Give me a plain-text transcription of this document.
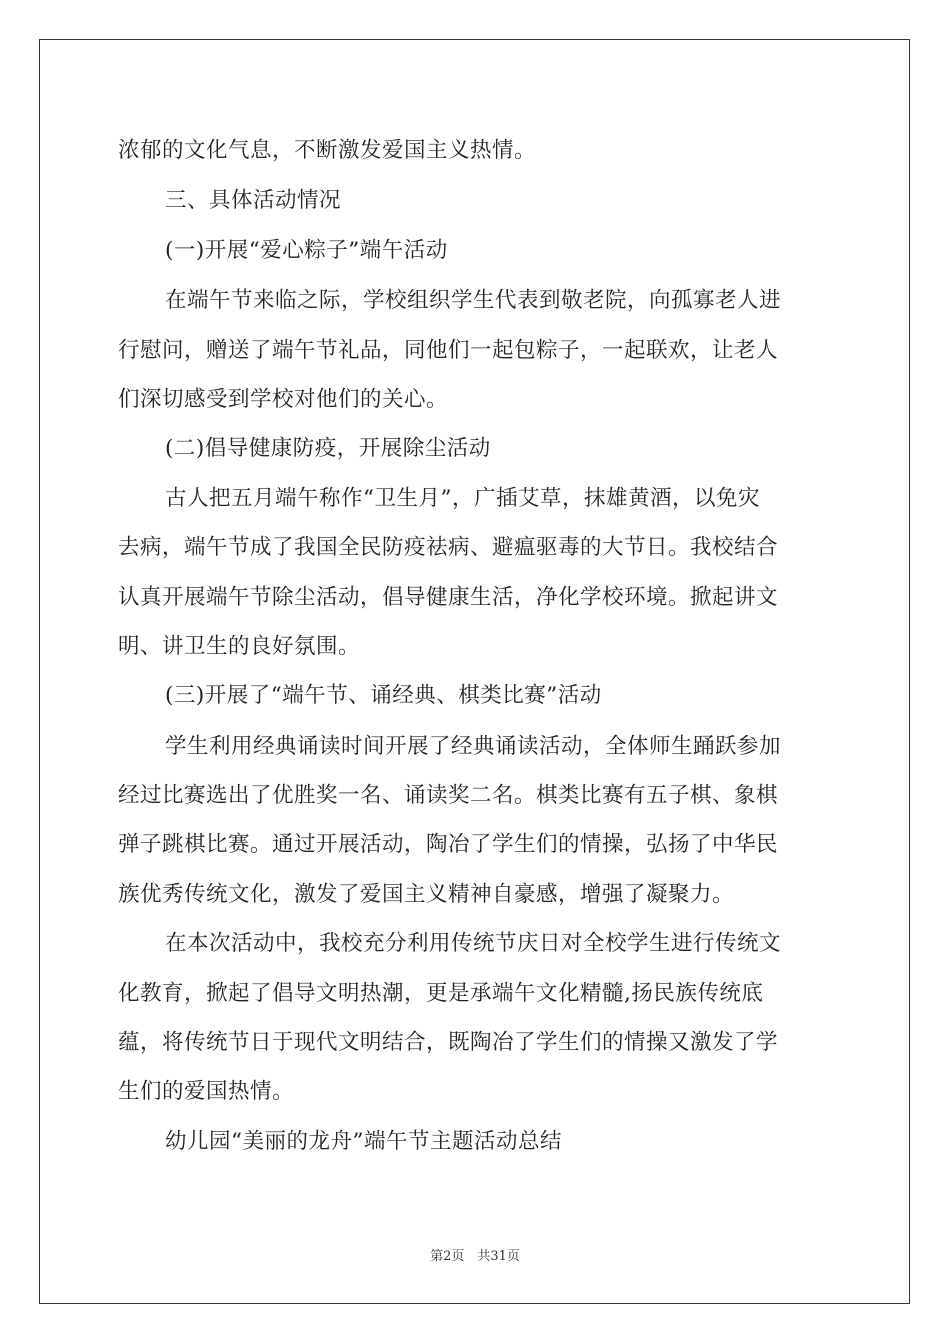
浓郁的文化气息，不断激发爱国主义热情。
三、具体活动情况
(一)开展“爱心粽子”端午活动
在端午节来临之际，学校组织学生代表到敬老院，向孤寡老人进
行慰问，赠送了端午节礼品，同他们一起包粽子，一起联欢，让老人
们深切感受到学校对他们的关心。
(二)倡导健康防疫，开展除尘活动
古人把五月端午称作“卫生月”，广插艾草，抹雄黄酒，以免灾
去病，端午节成了我国全民防疫祛病、避瘟驱毒的大节日。我校结合
认真开展端午节除尘活动，倡导健康生活，净化学校环境。掀起讲文
明、讲卫生的良好氛围。
(三)开展了“端午节、诵经典、棋类比赛”活动
学生利用经典诵读时间开展了经典诵读活动，全体师生踊跃参加
经过比赛选出了优胜奖一名、诵读奖二名。棋类比赛有五子棋、象棋
弹子跳棋比赛。通过开展活动，陶冶了学生们的情操，弘扬了中华民
族优秀传统文化，激发了爱国主义精神自豪感，增强了凝聚力。
在本次活动中，我校充分利用传统节庆日对全校学生进行传统文
化教育，掀起了倡导文明热潮，更是承端午文化精髓,扬民族传统底
蕴，将传统节日于现代文明结合，既陶冶了学生们的情操又激发了学
生们的爱国热情。
幼儿园“美丽的龙舟”端午节主题活动总结
第2页　共31页
